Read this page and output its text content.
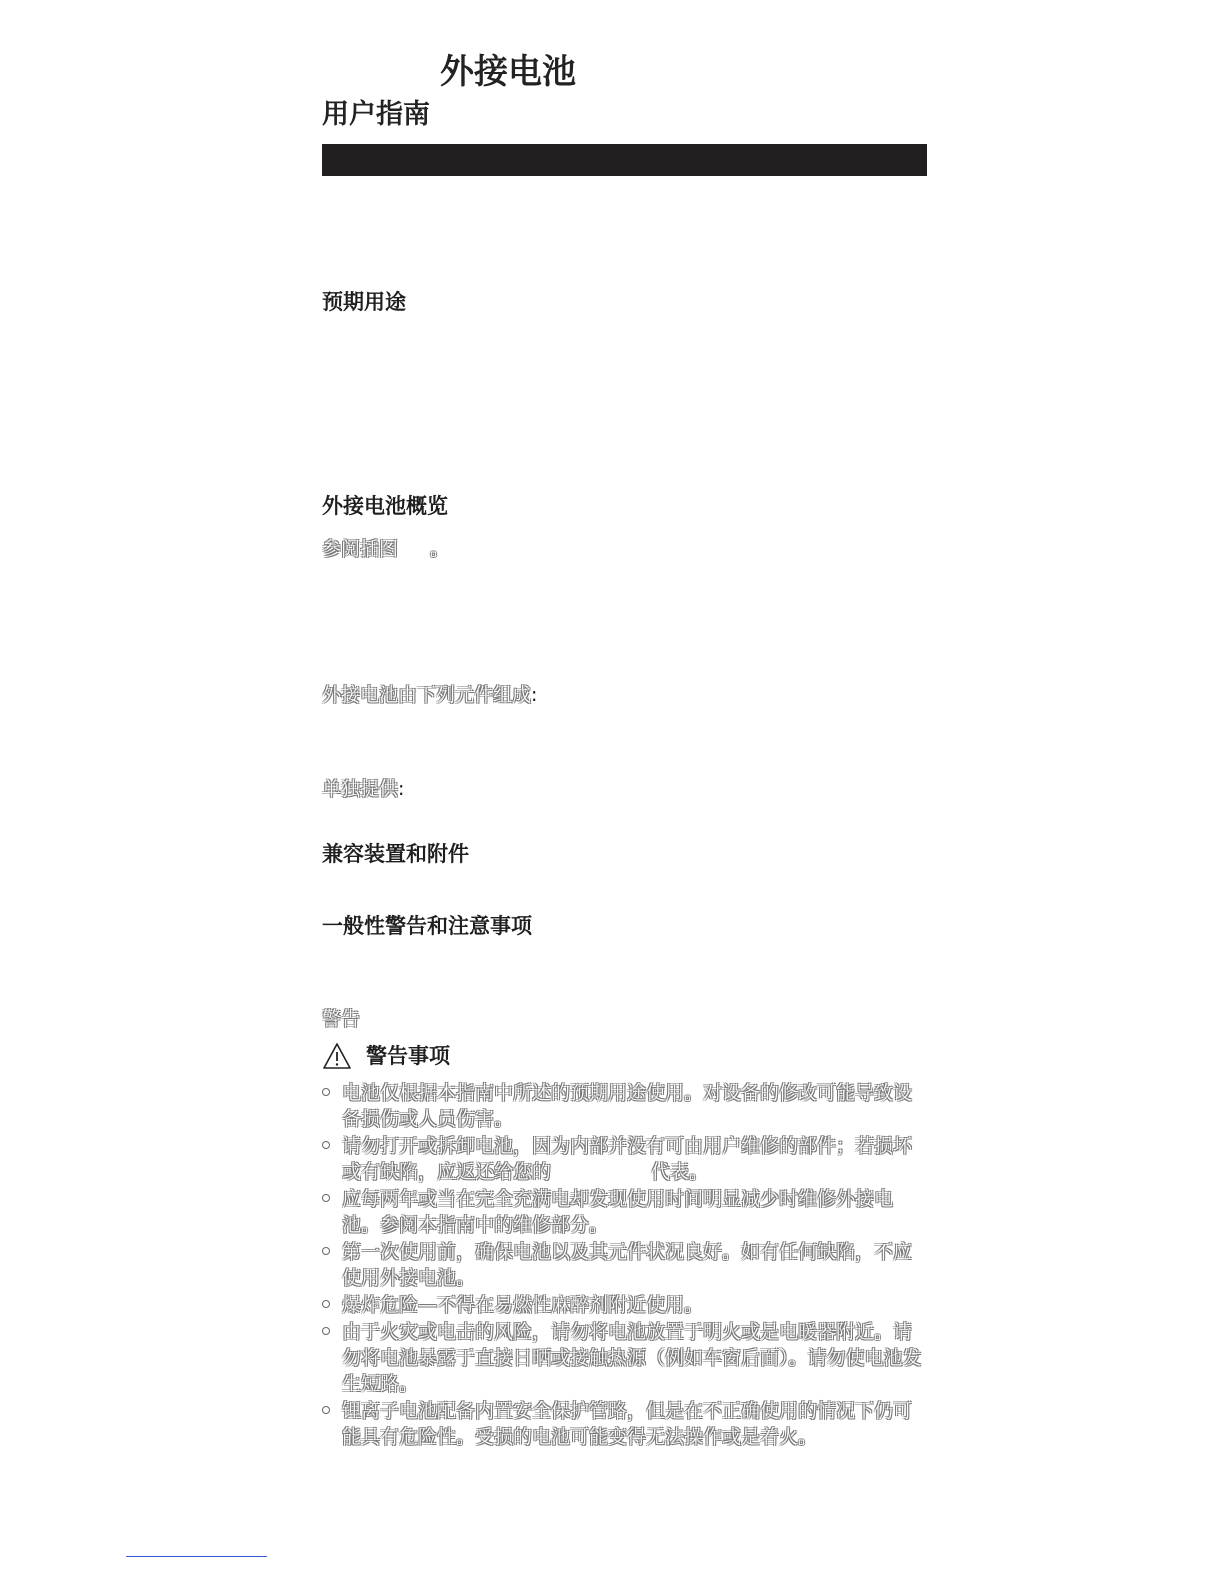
外接电池
用户指南
预期用途
外接电池概览
参阅插图 。
外接电池由下列元件组成:
单独提供:
兼容装置和附件
一般性警告和注意事项
警告
警告事项
电池仅根据本指南中所述的预期用途使用。对设备的修改可能导致设备损伤或人员伤害。
请勿打开或拆卸电池，因为内部并没有可由用户维修的部件；若损坏或有缺陷，应返还给您的	代表。
应每两年或当在完全充满电却发现使用时间明显减少时维修外接电池。参阅本指南中的维修部分。
第一次使用前，确保电池以及其元件状况良好。如有任何缺陷，不应使用外接电池。
爆炸危险—不得在易燃性麻醉剂附近使用。
由于火灾或电击的风险，请勿将电池放置于明火或是电暖器附近。请勿将电池暴露于直接日晒或接触热源（例如车窗后面）。请勿使电池发生短路。
锂离子电池配备内置安全保护管路，但是在不正确使用的情况下仍可能具有危险性。受损的电池可能变得无法操作或是着火。
